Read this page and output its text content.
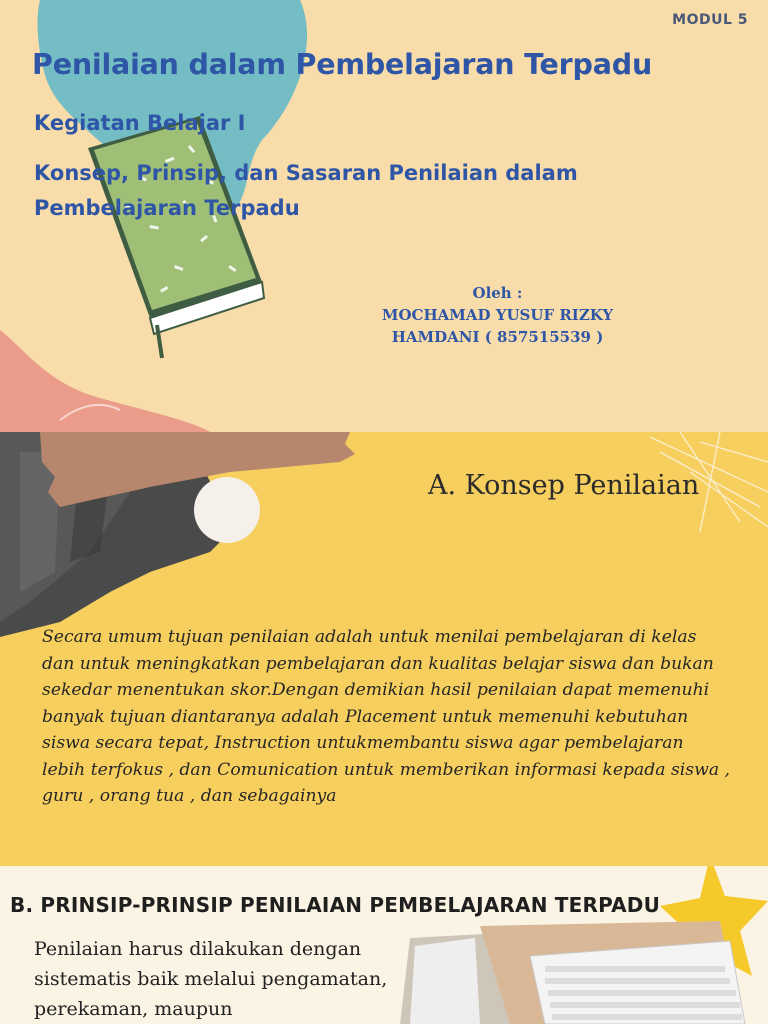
MODUL 5
Penilaian dalam Pembelajaran Terpadu
Kegiatan Belajar I
Konsep, Prinsip, dan Sasaran Penilaian dalam Pembelajaran Terpadu
Oleh :
MOCHAMAD YUSUF RIZKY
HAMDANI ( 857515539 )
A. Konsep Penilaian

Secara umum tujuan penilaian adalah untuk menilai pembelajaran di kelas dan untuk meningkatkan pembelajaran dan kualitas belajar siswa dan bukan sekedar menentukan skor.Dengan demikian hasil penilaian dapat memenuhi banyak tujuan diantaranya adalah Placement untuk memenuhi kebutuhan siswa secara tepat, Instruction untukmembantu siswa agar pembelajaran lebih terfokus , dan Comunication untuk memberikan informasi kepada siswa , guru , orang tua , dan sebagainya

B. PRINSIP-PRINSIP PENILAIAN PEMBELAJARAN TERPADU

Penilaian harus dilakukan dengan sistematis baik melalui pengamatan, perekaman, maupun
